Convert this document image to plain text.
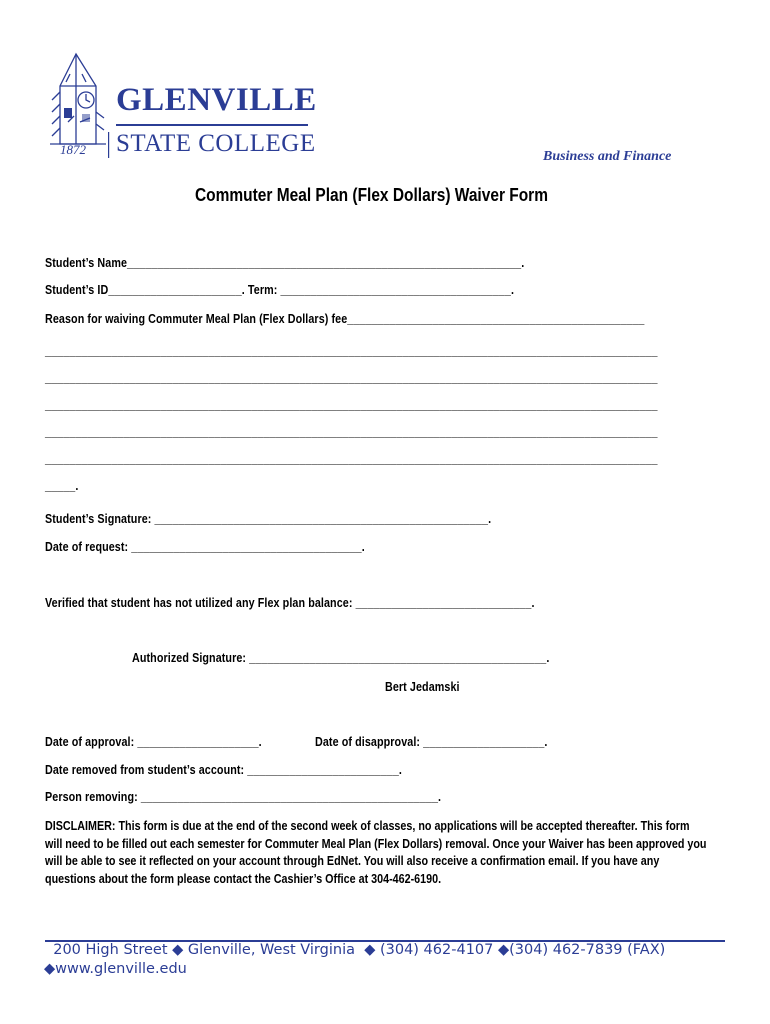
GLENVILLE
STATE COLLEGE
1872	Business and Finance
Commuter Meal Plan (Flex Dollars) Waiver Form
Student’s Name_________________________________________________________________.
Student’s ID______________________. Term: ______________________________________.
Reason for waiving Commuter Meal Plan (Flex Dollars) fee_________________________________________________
_____________________________________________________________________________________________________
_____________________________________________________________________________________________________
_____________________________________________________________________________________________________
_____________________________________________________________________________________________________
_____________________________________________________________________________________________________
_____.
Student’s Signature: _______________________________________________________.
Date of request: ______________________________________.
Verified that student has not utilized any Flex plan balance: _____________________________.
Authorized Signature: _________________________________________________.
Bert Jedamski
Date of approval: ____________________.	Date of disapproval: ____________________.
Date removed from student’s account: _________________________.
Person removing: _________________________________________________.
DISCLAIMER: This form is due at the end of the second week of classes, no applications will be accepted thereafter. This form will need to be filled out each semester for Commuter Meal Plan (Flex Dollars) removal. Once your Waiver has been approved you will be able to see it reflected on your account through EdNet. You will also receive a confirmation email. If you have any questions about the form please contact the Cashier’s Office at 304-462-6190.
200 High Street ◆ Glenville, West Virginia  ◆ (304) 462-4107 ◆(304) 462-7839 (FAX)
◆www.glenville.edu
